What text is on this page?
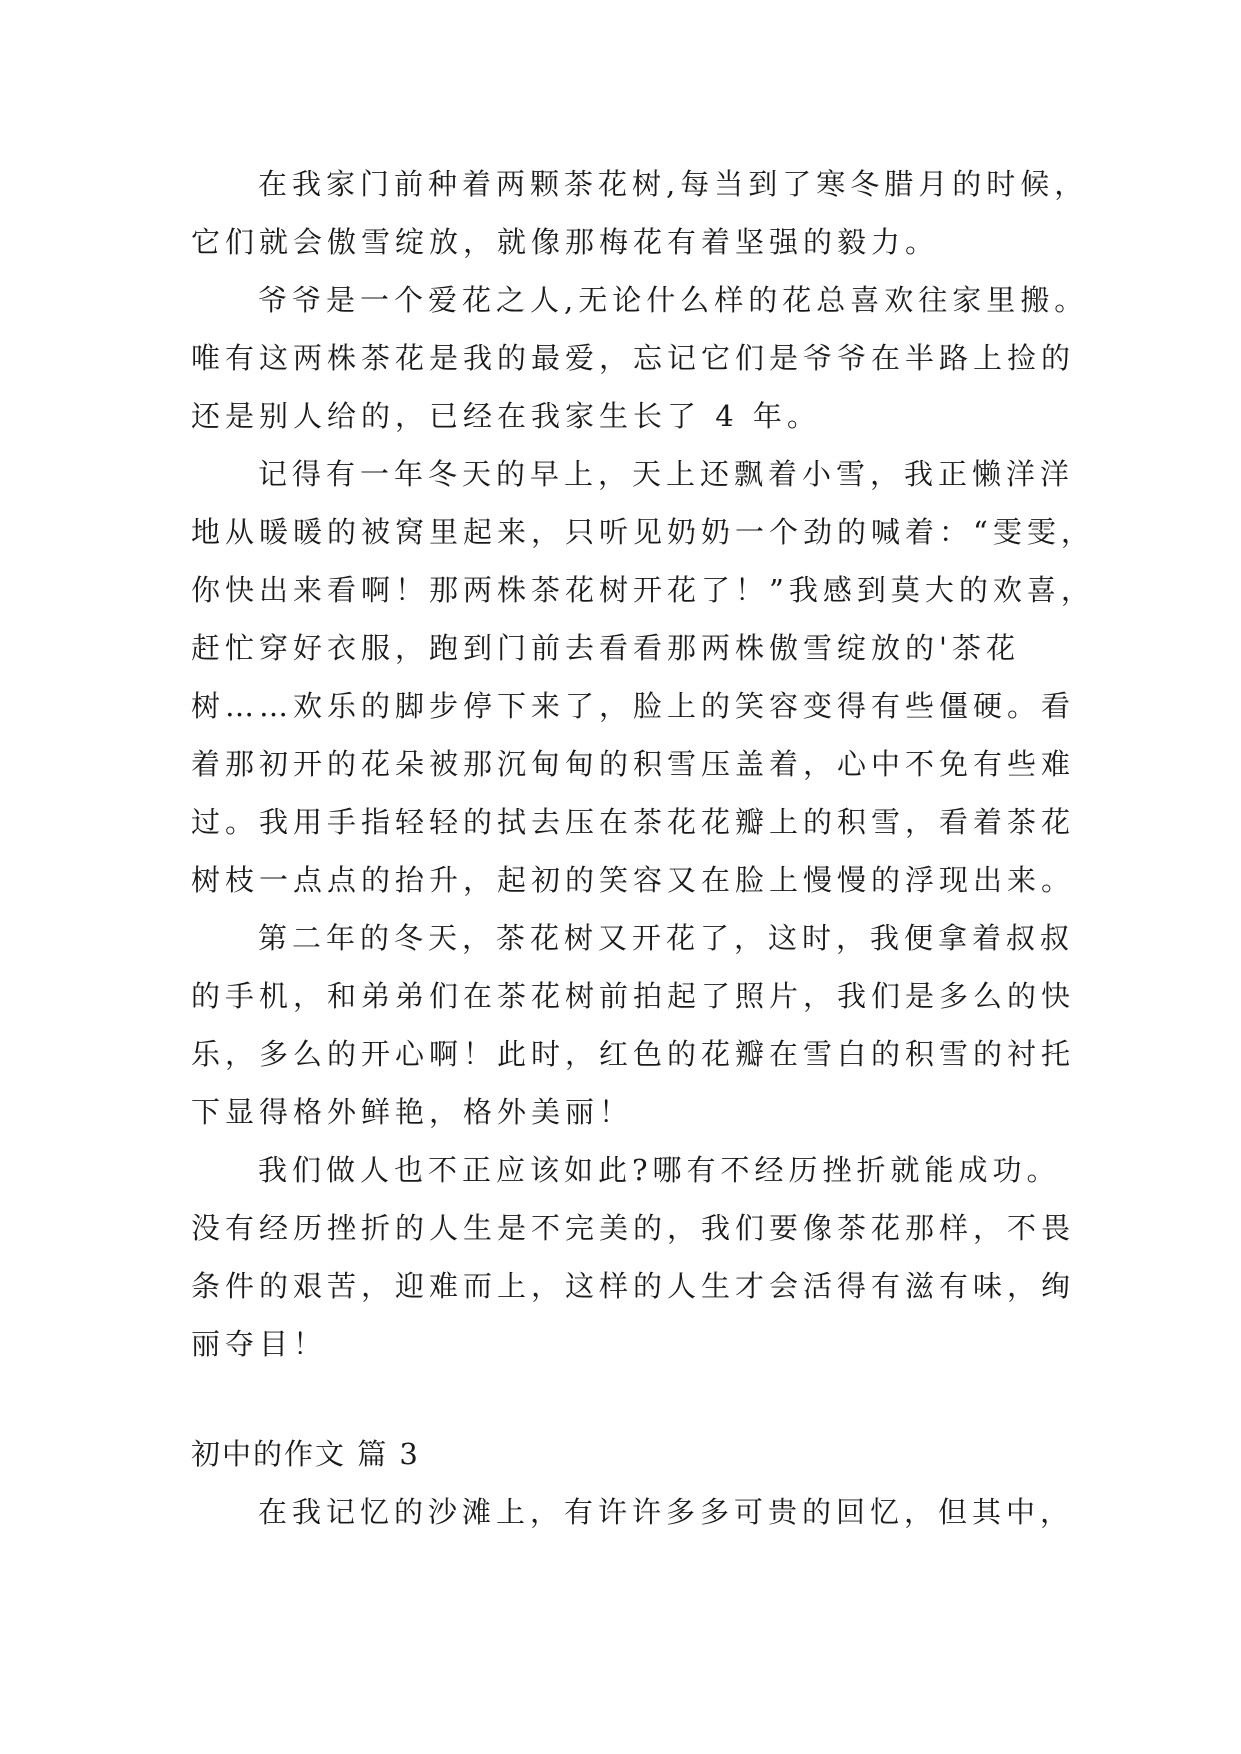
在我家门前种着两颗茶花树,每当到了寒冬腊月的时候，
它们就会傲雪绽放，就像那梅花有着坚强的毅力。
爷爷是一个爱花之人,无论什么样的花总喜欢往家里搬。
唯有这两株茶花是我的最爱，忘记它们是爷爷在半路上捡的
还是别人给的，已经在我家生长了 4 年。
记得有一年冬天的早上，天上还飘着小雪，我正懒洋洋
地从暖暖的被窝里起来，只听见奶奶一个劲的喊着：“雯雯，
你快出来看啊！那两株茶花树开花了！”我感到莫大的欢喜，
赶忙穿好衣服，跑到门前去看看那两株傲雪绽放的'茶花
树……欢乐的脚步停下来了，脸上的笑容变得有些僵硬。看
着那初开的花朵被那沉甸甸的积雪压盖着，心中不免有些难
过。我用手指轻轻的拭去压在茶花花瓣上的积雪，看着茶花
树枝一点点的抬升，起初的笑容又在脸上慢慢的浮现出来。
第二年的冬天，茶花树又开花了，这时，我便拿着叔叔
的手机，和弟弟们在茶花树前拍起了照片，我们是多么的快
乐，多么的开心啊！此时，红色的花瓣在雪白的积雪的衬托
下显得格外鲜艳，格外美丽！
我们做人也不正应该如此?哪有不经历挫折就能成功。
没有经历挫折的人生是不完美的，我们要像茶花那样，不畏
条件的艰苦，迎难而上，这样的人生才会活得有滋有味，绚
丽夺目！
初中的作文 篇 3
在我记忆的沙滩上，有许许多多可贵的回忆，但其中，
